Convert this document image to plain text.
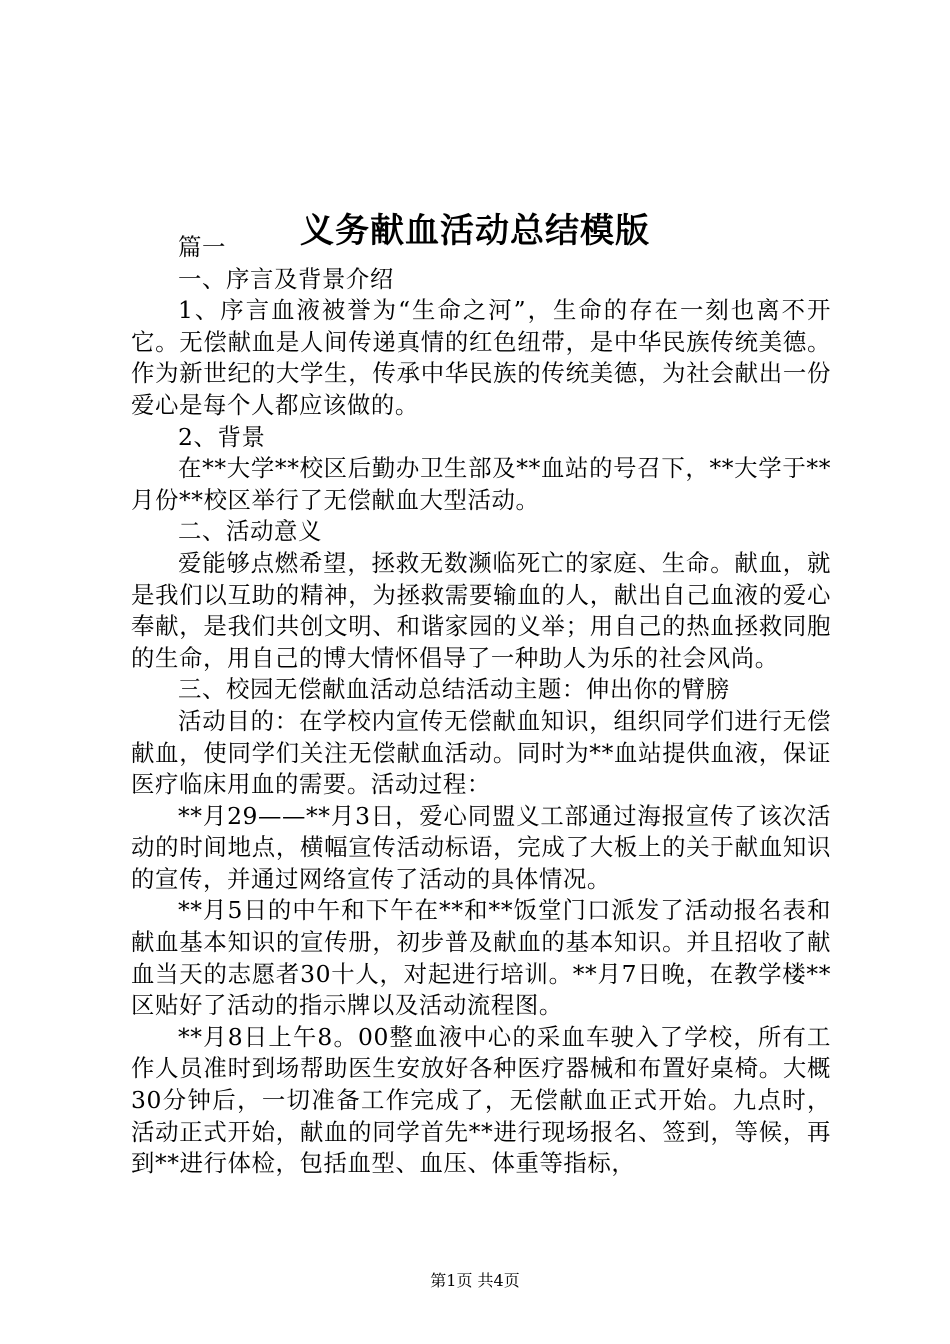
义务献血活动总结模版

篇一

一、序言及背景介绍

1、序言血液被誉为“生命之河”，生命的存在一刻也离不开它。无偿献血是人间传递真情的红色纽带，是中华民族传统美德。作为新世纪的大学生，传承中华民族的传统美德，为社会献出一份爱心是每个人都应该做的。

2、背景

在**大学**校区后勤办卫生部及**血站的号召下，**大学于**月份**校区举行了无偿献血大型活动。

二、活动意义

爱能够点燃希望，拯救无数濒临死亡的家庭、生命。献血，就是我们以互助的精神，为拯救需要输血的人，献出自己血液的爱心奉献，是我们共创文明、和谐家园的义举；用自己的热血拯救同胞的生命，用自己的博大情怀倡导了一种助人为乐的社会风尚。

三、校园无偿献血活动总结活动主题：伸出你的臂膀

活动目的：在学校内宣传无偿献血知识，组织同学们进行无偿献血，使同学们关注无偿献血活动。同时为**血站提供血液，保证医疗临床用血的需要。活动过程：

**月29——**月3日，爱心同盟义工部通过海报宣传了该次活动的时间地点，横幅宣传活动标语，完成了大板上的关于献血知识的宣传，并通过网络宣传了活动的具体情况。

**月5日的中午和下午在**和**饭堂门口派发了活动报名表和献血基本知识的宣传册，初步普及献血的基本知识。并且招收了献血当天的志愿者30十人，对起进行培训。**月7日晚，在教学楼**区贴好了活动的指示牌以及活动流程图。

**月8日上午8。00整血液中心的采血车驶入了学校，所有工作人员准时到场帮助医生安放好各种医疗器械和布置好桌椅。大概30分钟后，一切准备工作完成了，无偿献血正式开始。九点时，活动正式开始，献血的同学首先**进行现场报名、签到，等候，再到**进行体检，包括血型、血压、体重等指标，

第1页 共4页
